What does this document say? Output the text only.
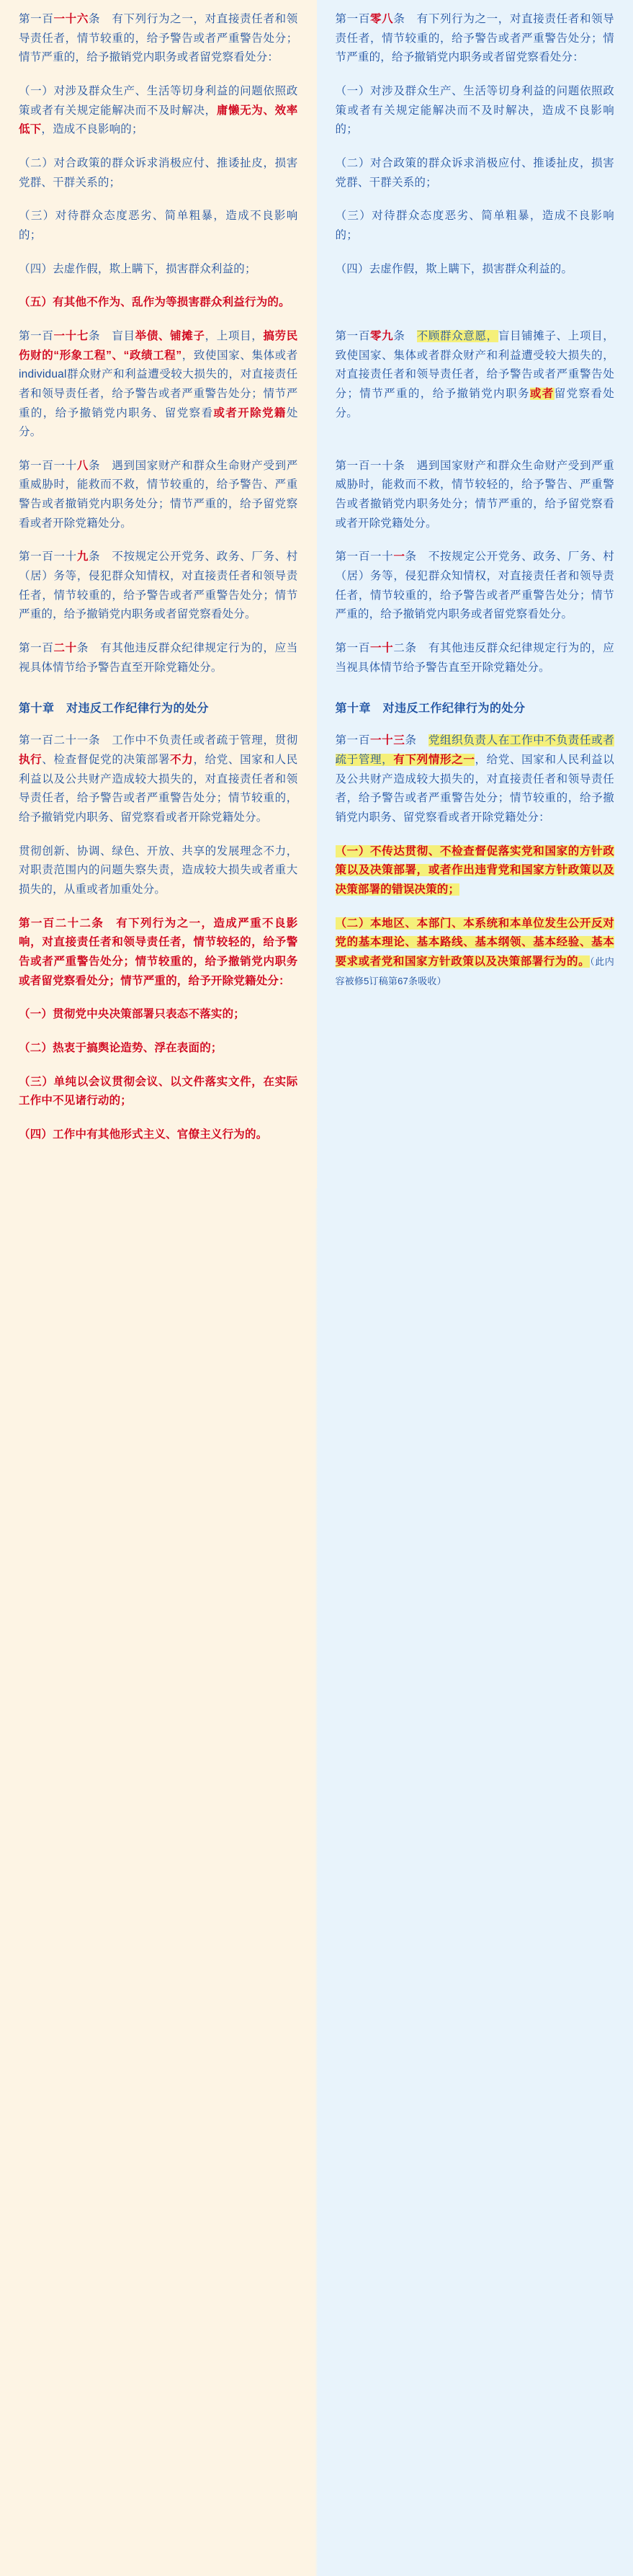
第一百一十六条　有下列行为之一，对直接责任者和领导责任者，情节较重的，给予警告或者严重警告处分；情节严重的，给予撤销党内职务或者留党察看处分：

（一）对涉及群众生产、生活等切身利益的问题依照政策或者有关规定能解决而不及时解决，庸懒无为、效率低下，造成不良影响的；

（二）对合政策的群众诉求消极应付、推诿扯皮，损害党群、干群关系的；

（三）对待群众态度恶劣、简单粗暴，造成不良影响的；

（四）去虚作假，欺上瞒下，损害群众利益的；

（五）有其他不作为、乱作为等损害群众利益行为的。

第一百一十七条　盲目举债、铺摊子，上项目，搞劳民伤财的“形象工程”、“政绩工程”，致使国家、集体或者individual群众财产和利益遭受较大损失的，对直接责任者和领导责任者，给予警告或者严重警告处分；情节严重的，给予撤销党内职务、留党察看或者开除党籍处分。

第一百一十八条　遇到国家财产和群众生命财产受到严重威胁时，能救而不救，情节较重的，给予警告、严重警告或者撤销党内职务处分；情节严重的，给予留党察看或者开除党籍处分。

第一百一十九条　不按规定公开党务、政务、厂务、村（居）务等，侵犯群众知情权，对直接责任者和领导责任者，情节较重的，给予警告或者严重警告处分；情节严重的，给予撤销党内职务或者留党察看处分。

第一百二十条　有其他违反群众纪律规定行为的，应当视具体情节给予警告直至开除党籍处分。

第十章　对违反工作纪律行为的处分

第一百二十一条　工作中不负责任或者疏于管理，贯彻执行、检查督促党的决策部署不力，给党、国家和人民利益以及公共财产造成较大损失的，对直接责任者和领导责任者，给予警告或者严重警告处分；情节较重的，给予撤销党内职务、留党察看或者开除党籍处分。

贯彻创新、协调、绿色、开放、共享的发展理念不力，对职责范围内的问题失察失责，造成较大损失或者重大损失的，从重或者加重处分。

第一百二十二条　有下列行为之一，造成严重不良影响，对直接责任者和领导责任者，情节较轻的，给予警告或者严重警告处分；情节较重的，给予撤销党内职务或者留党察看处分；情节严重的，给予开除党籍处分：

（一）贯彻党中央决策部署只表态不落实的；

（二）热衷于搞舆论造势、浮在表面的；

（三）单纯以会议贯彻会议、以文件落实文件，在实际工作中不见诸行动的；

（四）工作中有其他形式主义、官僚主义行为的。

第一百零八条　有下列行为之一，对直接责任者和领导责任者，情节较重的，给予警告或者严重警告处分；情节严重的，给予撤销党内职务或者留党察看处分：

（一）对涉及群众生产、生活等切身利益的问题依照政策或者有关规定能解决而不及时解决，造成不良影响的；

（二）对合政策的群众诉求消极应付、推诿扯皮，损害党群、干群关系的；

（三）对待群众态度恶劣、简单粗暴，造成不良影响的；

（四）去虚作假，欺上瞒下，损害群众利益的。

第一百零九条　不顾群众意愿，盲目铺摊子、上项目，致使国家、集体或者群众财产和利益遭受较大损失的，对直接责任者和领导责任者，给予警告或者严重警告处分；情节严重的，给予撤销党内职务或者留党察看处分。

第一百一十条　遇到国家财产和群众生命财产受到严重威胁时，能救而不救，情节较轻的，给予警告、严重警告或者撤销党内职务处分；情节严重的，给予留党察看或者开除党籍处分。

第一百一十一条　不按规定公开党务、政务、厂务、村（居）务等，侵犯群众知情权，对直接责任者和领导责任者，情节较重的，给予警告或者严重警告处分；情节严重的，给予撤销党内职务或者留党察看处分。

第一百一十二条　有其他违反群众纪律规定行为的，应当视具体情节给予警告直至开除党籍处分。

第十章　对违反工作纪律行为的处分

第一百一十三条　党组织负责人在工作中不负责任或者疏于管理，有下列情形之一，给党、国家和人民利益以及公共财产造成较大损失的，对直接责任者和领导责任者，给予警告或者严重警告处分；情节较重的，给予撤销党内职务、留党察看或者开除党籍处分：

（一）不传达贯彻、不检查督促落实党和国家的方针政策以及决策部署，或者作出违背党和国家方针政策以及决策部署的错误决策的；

（二）本地区、本部门、本系统和本单位发生公开反对党的基本理论、基本路线、基本纲领、基本经验、基本要求或者党和国家方针政策以及决策部署行为的。（此内容被修5订稿第67条吸收）
